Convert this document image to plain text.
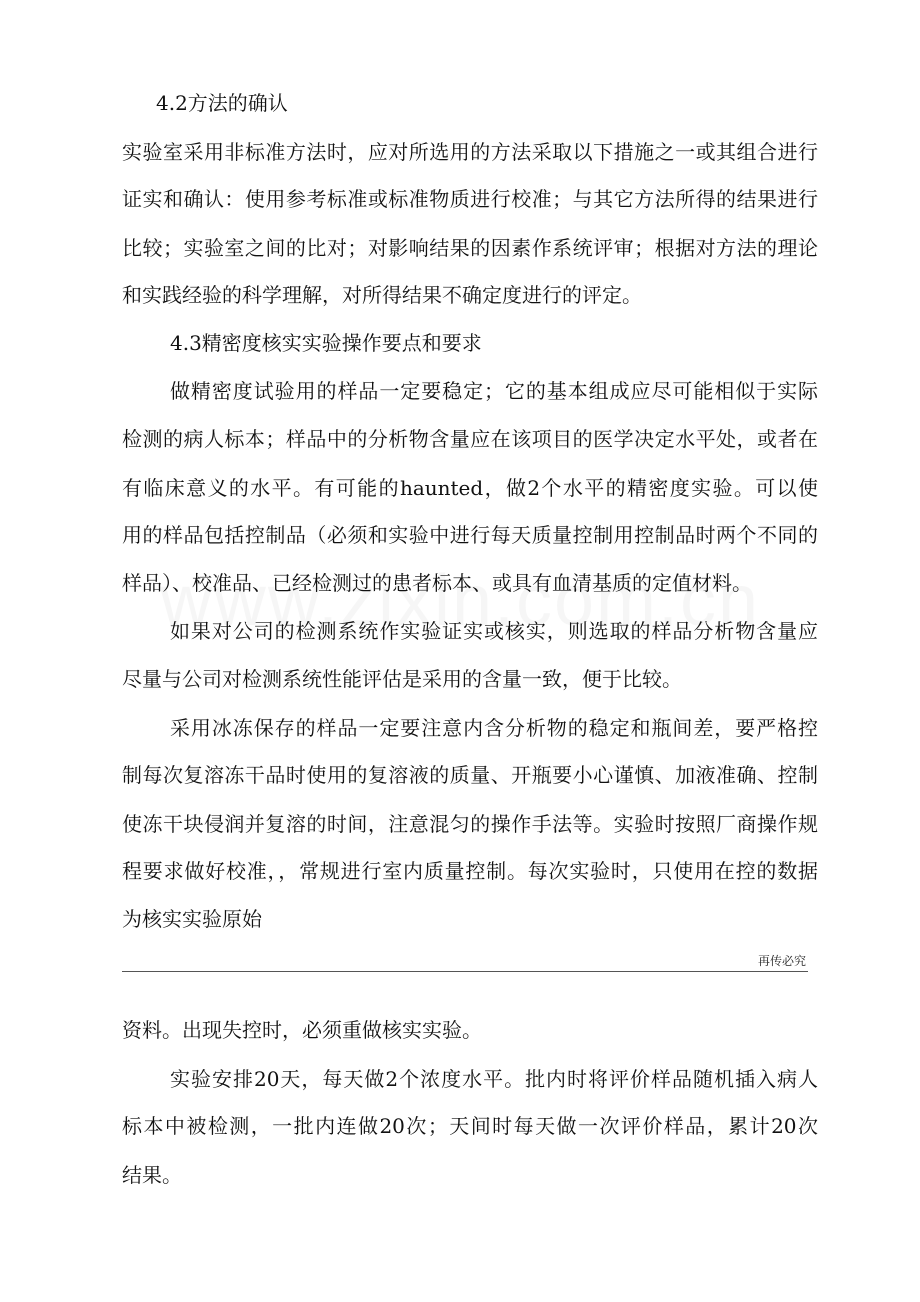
4.2方法的确认
实验室采用非标准方法时，应对所选用的方法采取以下措施之一或其组合进行
证实和确认：使用参考标准或标准物质进行校准；与其它方法所得的结果进行
比较；实验室之间的比对；对影响结果的因素作系统评审；根据对方法的理论
和实践经验的科学理解，对所得结果不确定度进行的评定。
4.3精密度核实实验操作要点和要求
做精密度试验用的样品一定要稳定；它的基本组成应尽可能相似于实际
检测的病人标本；样品中的分析物含量应在该项目的医学决定水平处，或者在
有临床意义的水平。有可能的haunted，做2个水平的精密度实验。可以使
用的样品包括控制品（必须和实验中进行每天质量控制用控制品时两个不同的
样品）、校准品、已经检测过的患者标本、或具有血清基质的定值材料。
如果对公司的检测系统作实验证实或核实，则选取的样品分析物含量应
尽量与公司对检测系统性能评估是采用的含量一致，便于比较。
采用冰冻保存的样品一定要注意内含分析物的稳定和瓶间差，要严格控
制每次复溶冻干品时使用的复溶液的质量、开瓶要小心谨慎、加液准确、控制
使冻干块侵润并复溶的时间，注意混匀的操作手法等。实验时按照厂商操作规
程要求做好校准，，常规进行室内质量控制。每次实验时，只使用在控的数据
为核实实验原始
再传必究
资料。出现失控时，必须重做核实实验。
实验安排20天，每天做2个浓度水平。批内时将评价样品随机插入病人
标本中被检测，一批内连做20次；天间时每天做一次评价样品，累计20次
结果。
